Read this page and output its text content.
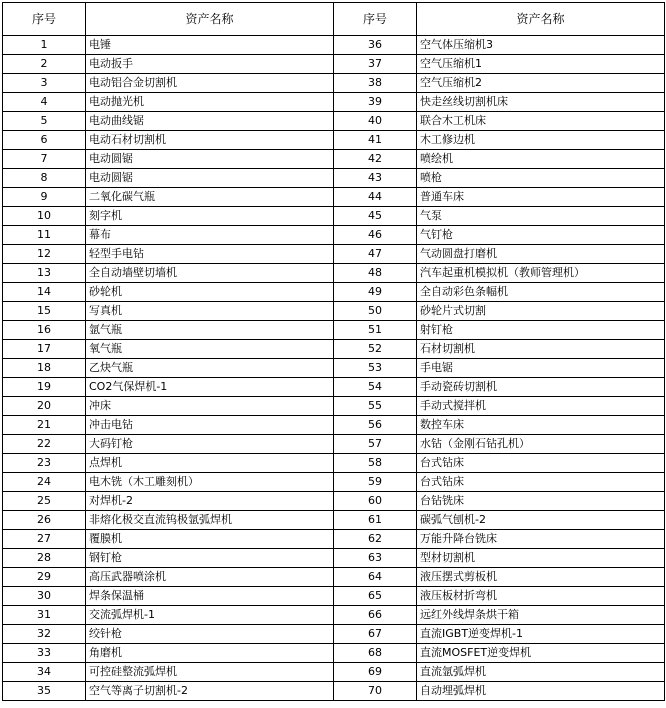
序号	资产名称	序号	资产名称
1	电锤	36	空气体压缩机3
2	电动扳手	37	空气压缩机1
3	电动铝合金切割机	38	空气压缩机2
4	电动抛光机	39	快走丝线切割机床
5	电动曲线锯	40	联合木工机床
6	电动石材切割机	41	木工修边机
7	电动圆锯	42	喷绘机
8	电动圆锯	43	喷枪
9	二氧化碳气瓶	44	普通车床
10	刻字机	45	气泵
11	幕布	46	气钉枪
12	轻型手电钻	47	气动圆盘打磨机
13	全自动墙壁切墙机	48	汽车起重机模拟机（教师管理机）
14	砂轮机	49	全自动彩色条幅机
15	写真机	50	砂轮片式切割
16	氩气瓶	51	射钉枪
17	氧气瓶	52	石材切割机
18	乙炔气瓶	53	手电锯
19	CO2气保焊机-1	54	手动瓷砖切割机
20	冲床	55	手动式搅拌机
21	冲击电钻	56	数控车床
22	大码钉枪	57	水钻（金刚石钻孔机）
23	点焊机	58	台式钻床
24	电木铣（木工雕刻机）	59	台式钻床
25	对焊机-2	60	台钻铣床
26	非熔化极交直流钨极氩弧焊机	61	碳弧气刨机-2
27	覆膜机	62	万能升降台铣床
28	钢钉枪	63	型材切割机
29	高压武器喷涂机	64	液压摆式剪板机
30	焊条保温桶	65	液压板材折弯机
31	交流弧焊机-1	66	远红外线焊条烘干箱
32	绞针枪	67	直流IGBT逆变焊机-1
33	角磨机	68	直流MOSFET逆变焊机
34	可控硅整流弧焊机	69	直流氩弧焊机
35	空气等离子切割机-2	70	自动埋弧焊机
